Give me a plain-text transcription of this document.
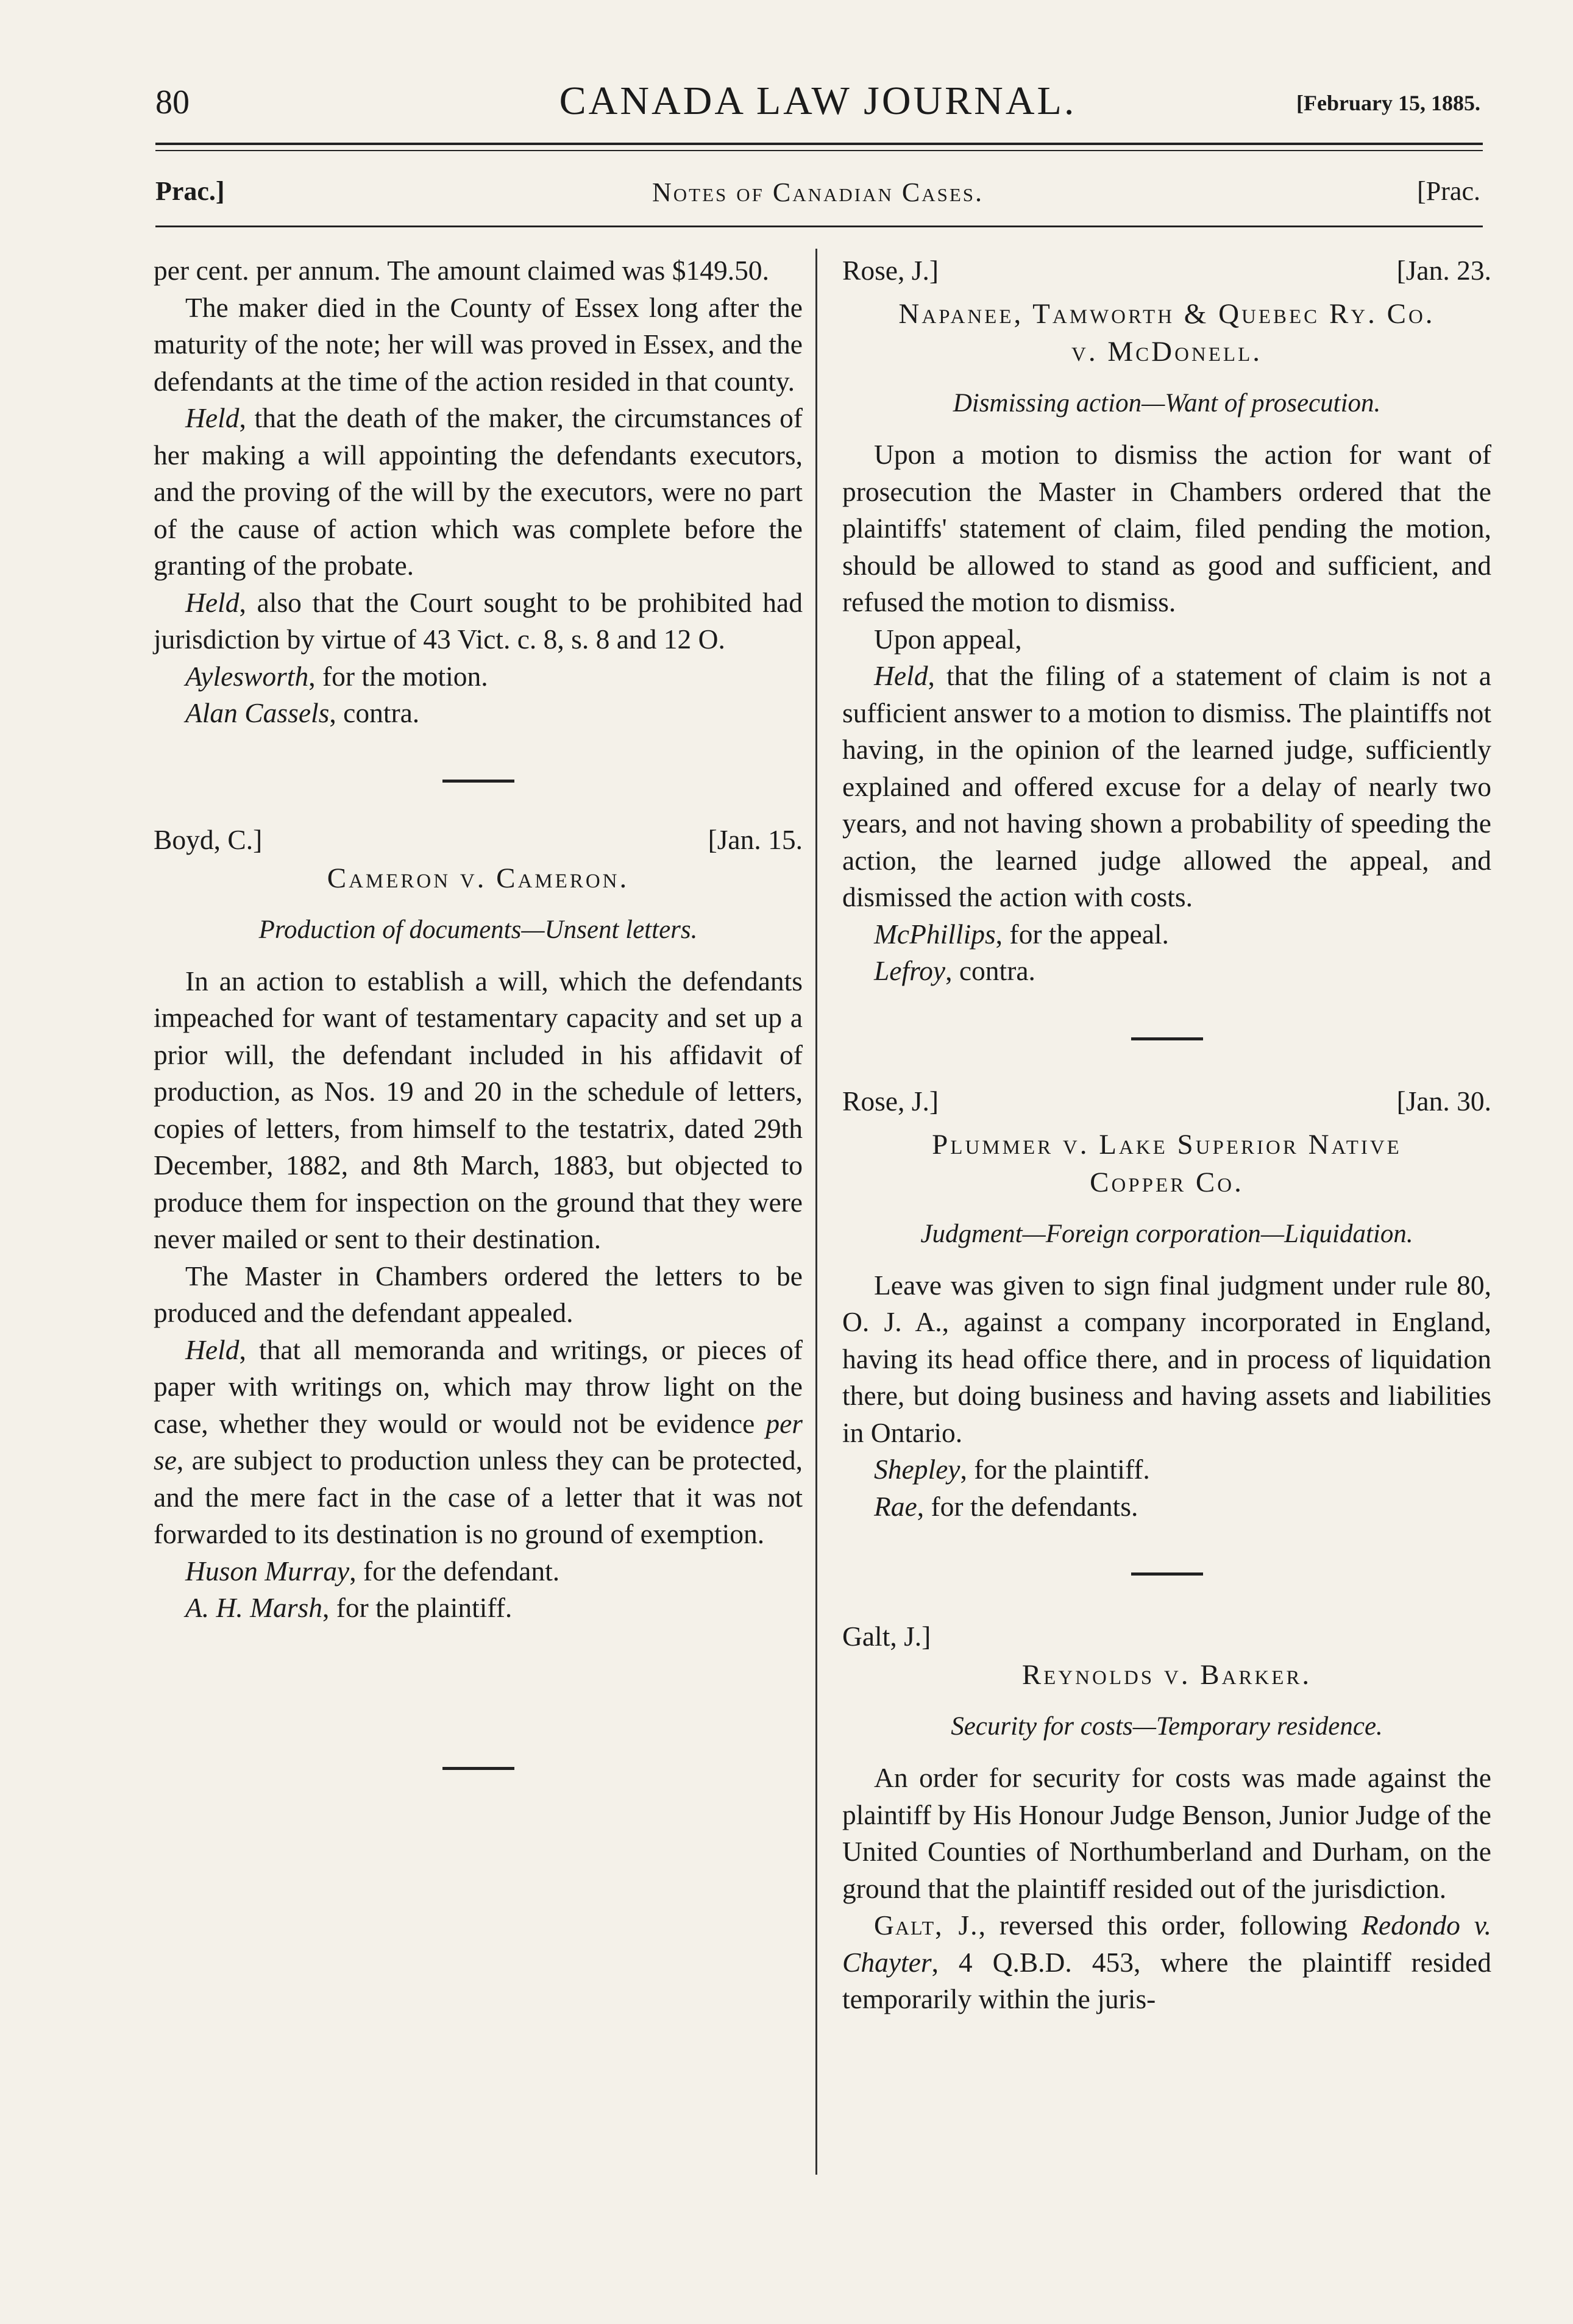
80	CANADA LAW JOURNAL.	[February 15, 1885.
Prac.]	Notes of Canadian Cases.	[Prac.

per cent. per annum. The amount claimed was $149.50.

The maker died in the County of Essex long after the maturity of the note; her will was proved in Essex, and the defendants at the time of the action resided in that county.

Held, that the death of the maker, the circumstances of her making a will appointing the defendants executors, and the proving of the will by the executors, were no part of the cause of action which was complete before the granting of the probate.

Held, also that the Court sought to be prohibited had jurisdiction by virtue of 43 Vict. c. 8, s. 8 and 12 O.

Aylesworth, for the motion.

Alan Cassels, contra.

Boyd, C.]	[Jan. 15.
Cameron v. Cameron.
Production of documents—Unsent letters.

In an action to establish a will, which the defendants impeached for want of testamentary capacity and set up a prior will, the defendant included in his affidavit of production, as Nos. 19 and 20 in the schedule of letters, copies of letters, from himself to the testatrix, dated 29th December, 1882, and 8th March, 1883, but objected to produce them for inspection on the ground that they were never mailed or sent to their destination.

The Master in Chambers ordered the letters to be produced and the defendant appealed.

Held, that all memoranda and writings, or pieces of paper with writings on, which may throw light on the case, whether they would or would not be evidence per se, are subject to production unless they can be protected, and the mere fact in the case of a letter that it was not forwarded to its destination is no ground of exemption.

Huson Murray, for the defendant.

A. H. Marsh, for the plaintiff.

Rose, J.]	[Jan. 23.
Napanee, Tamworth & Quebec Ry. Co.
v. McDonell.
Dismissing action—Want of prosecution.

Upon a motion to dismiss the action for want of prosecution the Master in Chambers ordered that the plaintiffs' statement of claim, filed pending the motion, should be allowed to stand as good and sufficient, and refused the motion to dismiss.

Upon appeal,

Held, that the filing of a statement of claim is not a sufficient answer to a motion to dismiss. The plaintiffs not having, in the opinion of the learned judge, sufficiently explained and offered excuse for a delay of nearly two years, and not having shown a probability of speeding the action, the learned judge allowed the appeal, and dismissed the action with costs.

McPhillips, for the appeal.

Lefroy, contra.

Rose, J.]	[Jan. 30.
Plummer v. Lake Superior Native
Copper Co.
Judgment—Foreign corporation—Liquidation.

Leave was given to sign final judgment under rule 80, O. J. A., against a company incorporated in England, having its head office there, and in process of liquidation there, but doing business and having assets and liabilities in Ontario.

Shepley, for the plaintiff.

Rae, for the defendants.

Galt, J.]
Reynolds v. Barker.
Security for costs—Temporary residence.

An order for security for costs was made against the plaintiff by His Honour Judge Benson, Junior Judge of the United Counties of Northumberland and Durham, on the ground that the plaintiff resided out of the jurisdiction.

Galt, J., reversed this order, following Redondo v. Chayter, 4 Q.B.D. 453, where the plaintiff resided temporarily within the juris-
